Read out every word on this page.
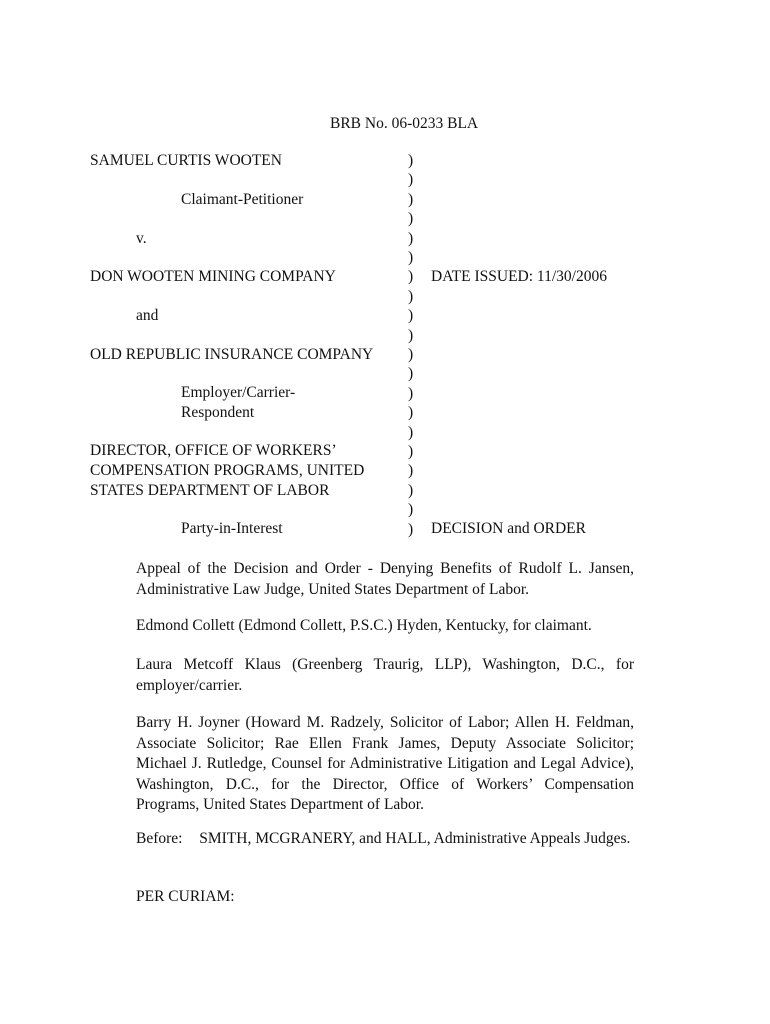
BRB No. 06-0233 BLA
SAMUEL CURTIS WOOTEN
Claimant-Petitioner
v.
DON WOOTEN MINING COMPANY
and
OLD REPUBLIC INSURANCE COMPANY
Employer/Carrier-
Respondent
DIRECTOR, OFFICE OF WORKERS’
COMPENSATION PROGRAMS, UNITED
STATES DEPARTMENT OF LABOR
Party-in-Interest
)
)
)
)
)
)
)
)
)
)
)
)
)
)
)
)
)
)
)
)
DATE ISSUED: 11/30/2006
DECISION and ORDER
Appeal of the Decision and Order - Denying Benefits of Rudolf L. Jansen, Administrative Law Judge, United States Department of Labor.
Edmond Collett (Edmond Collett, P.S.C.) Hyden, Kentucky, for claimant.
Laura Metcoff Klaus (Greenberg Traurig, LLP), Washington, D.C., for employer/carrier.
Barry H. Joyner (Howard M. Radzely, Solicitor of Labor; Allen H. Feldman, Associate Solicitor; Rae Ellen Frank James, Deputy Associate Solicitor; Michael J. Rutledge, Counsel for Administrative Litigation and Legal Advice), Washington, D.C., for the Director, Office of Workers’ Compensation Programs, United States Department of Labor.
Before: SMITH, MCGRANERY, and HALL, Administrative Appeals Judges.
PER CURIAM:
